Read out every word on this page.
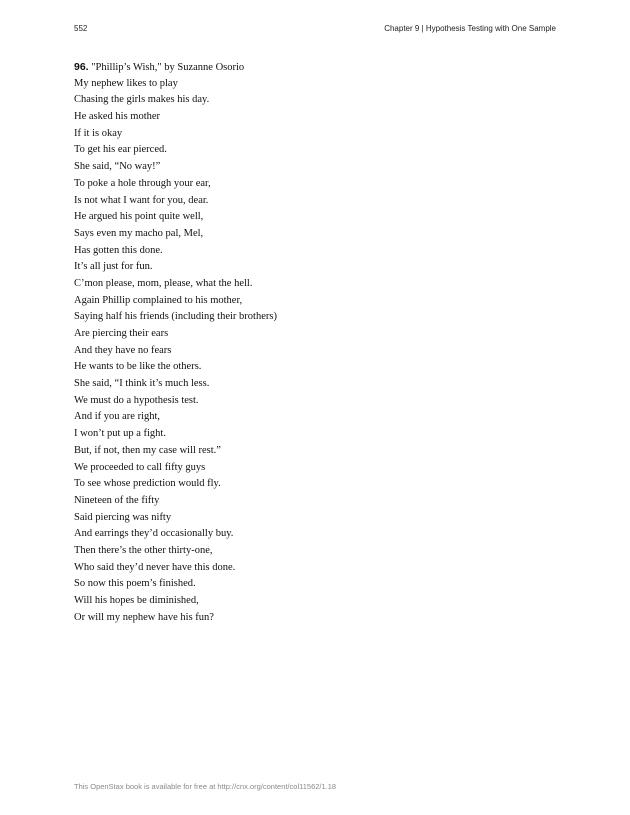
552	Chapter 9 | Hypothesis Testing with One Sample
96. "Phillip’s Wish," by Suzanne Osorio
My nephew likes to play
Chasing the girls makes his day.
He asked his mother
If it is okay
To get his ear pierced.
She said, “No way!”
To poke a hole through your ear,
Is not what I want for you, dear.
He argued his point quite well,
Says even my macho pal, Mel,
Has gotten this done.
It’s all just for fun.
C’mon please, mom, please, what the hell.
Again Phillip complained to his mother,
Saying half his friends (including their brothers)
Are piercing their ears
And they have no fears
He wants to be like the others.
She said, “I think it’s much less.
We must do a hypothesis test.
And if you are right,
I won’t put up a fight.
But, if not, then my case will rest.”
We proceeded to call fifty guys
To see whose prediction would fly.
Nineteen of the fifty
Said piercing was nifty
And earrings they’d occasionally buy.
Then there’s the other thirty-one,
Who said they’d never have this done.
So now this poem’s finished.
Will his hopes be diminished,
Or will my nephew have his fun?
This OpenStax book is available for free at http://cnx.org/content/col11562/1.18
